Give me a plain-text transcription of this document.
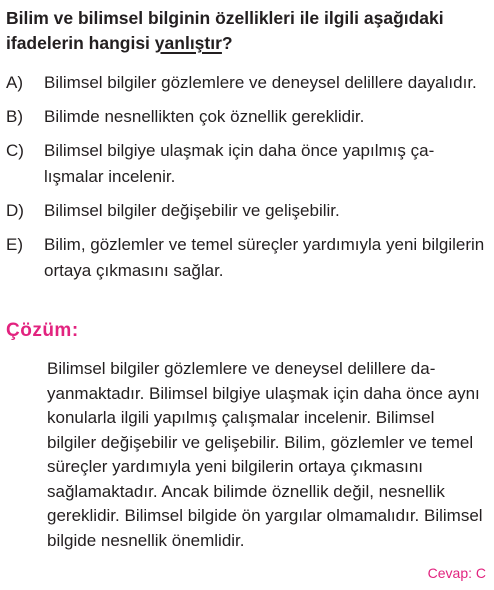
Bilim ve bilimsel bilginin özellikleri ile ilgili aşağıdaki ifadelerin hangisi yanlıştır?

A)	Bilimsel bilgiler gözlemlere ve deneysel delillere dayalıdır.
B)	Bilimde nesnellikten çok öznellik gereklidir.
C)	Bilimsel bilgiye ulaşmak için daha önce yapılmış çalışmalar incelenir.
D)	Bilimsel bilgiler değişebilir ve gelişebilir.
E)	Bilim, gözlemler ve temel süreçler yardımıyla yeni bilgilerin ortaya çıkmasını sağlar.

Çözüm:

Bilimsel bilgiler gözlemlere ve deneysel delillere dayanmaktadır. Bilimsel bilgiye ulaşmak için daha önce aynı konularla ilgili yapılmış çalışmalar incelenir. Bilimsel bilgiler değişebilir ve gelişebilir. Bilim, gözlemler ve temel süreçler yardımıyla yeni bilgilerin ortaya çıkmasını sağlamaktadır. Ancak bilimde öznellik değil, nesnellik gereklidir. Bilimsel bilgide ön yargılar olmamalıdır. Bilimsel bilgide nesnellik önemlidir.

Cevap: C
